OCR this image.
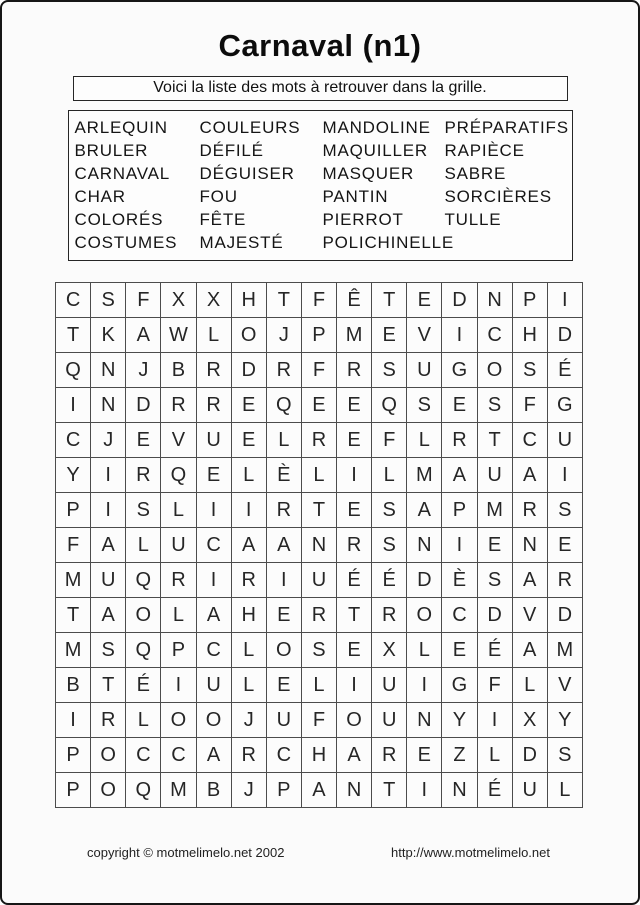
Carnaval (n1)
Voici la liste des mots à retrouver dans la grille.
ARLEQUIN
BRULER
CARNAVAL
CHAR
COLORÉS
COSTUMES
COULEURS
DÉFILÉ
DÉGUISER
FOU
FÊTE
MAJESTÉ
MANDOLINE
MAQUILLER
MASQUER
PANTIN
PIERROT
POLICHINELLE
PRÉPARATIFS
RAPIÈCE
SABRE
SORCIÈRES
TULLE
C	S	F	X	X	H	T	F	Ê	T	E	D	N	P	I
T	K	A	W	L	O	J	P	M	E	V	I	C	H	D
Q	N	J	B	R	D	R	F	R	S	U	G	O	S	É
I	N	D	R	R	E	Q	E	E	Q	S	E	S	F	G
C	J	E	V	U	E	L	R	E	F	L	R	T	C	U
Y	I	R	Q	E	L	È	L	I	L	M	A	U	A	I
P	I	S	L	I	I	R	T	E	S	A	P	M	R	S
F	A	L	U	C	A	A	N	R	S	N	I	E	N	E
M	U	Q	R	I	R	I	U	É	É	D	È	S	A	R
T	A	O	L	A	H	E	R	T	R	O	C	D	V	D
M	S	Q	P	C	L	O	S	E	X	L	E	É	A	M
B	T	É	I	U	L	E	L	I	U	I	G	F	L	V
I	R	L	O	O	J	U	F	O	U	N	Y	I	X	Y
P	O	C	C	A	R	C	H	A	R	E	Z	L	D	S
P	O	Q	M	B	J	P	A	N	T	I	N	É	U	L
copyright © motmelimelo.net 2002	http://www.motmelimelo.net
